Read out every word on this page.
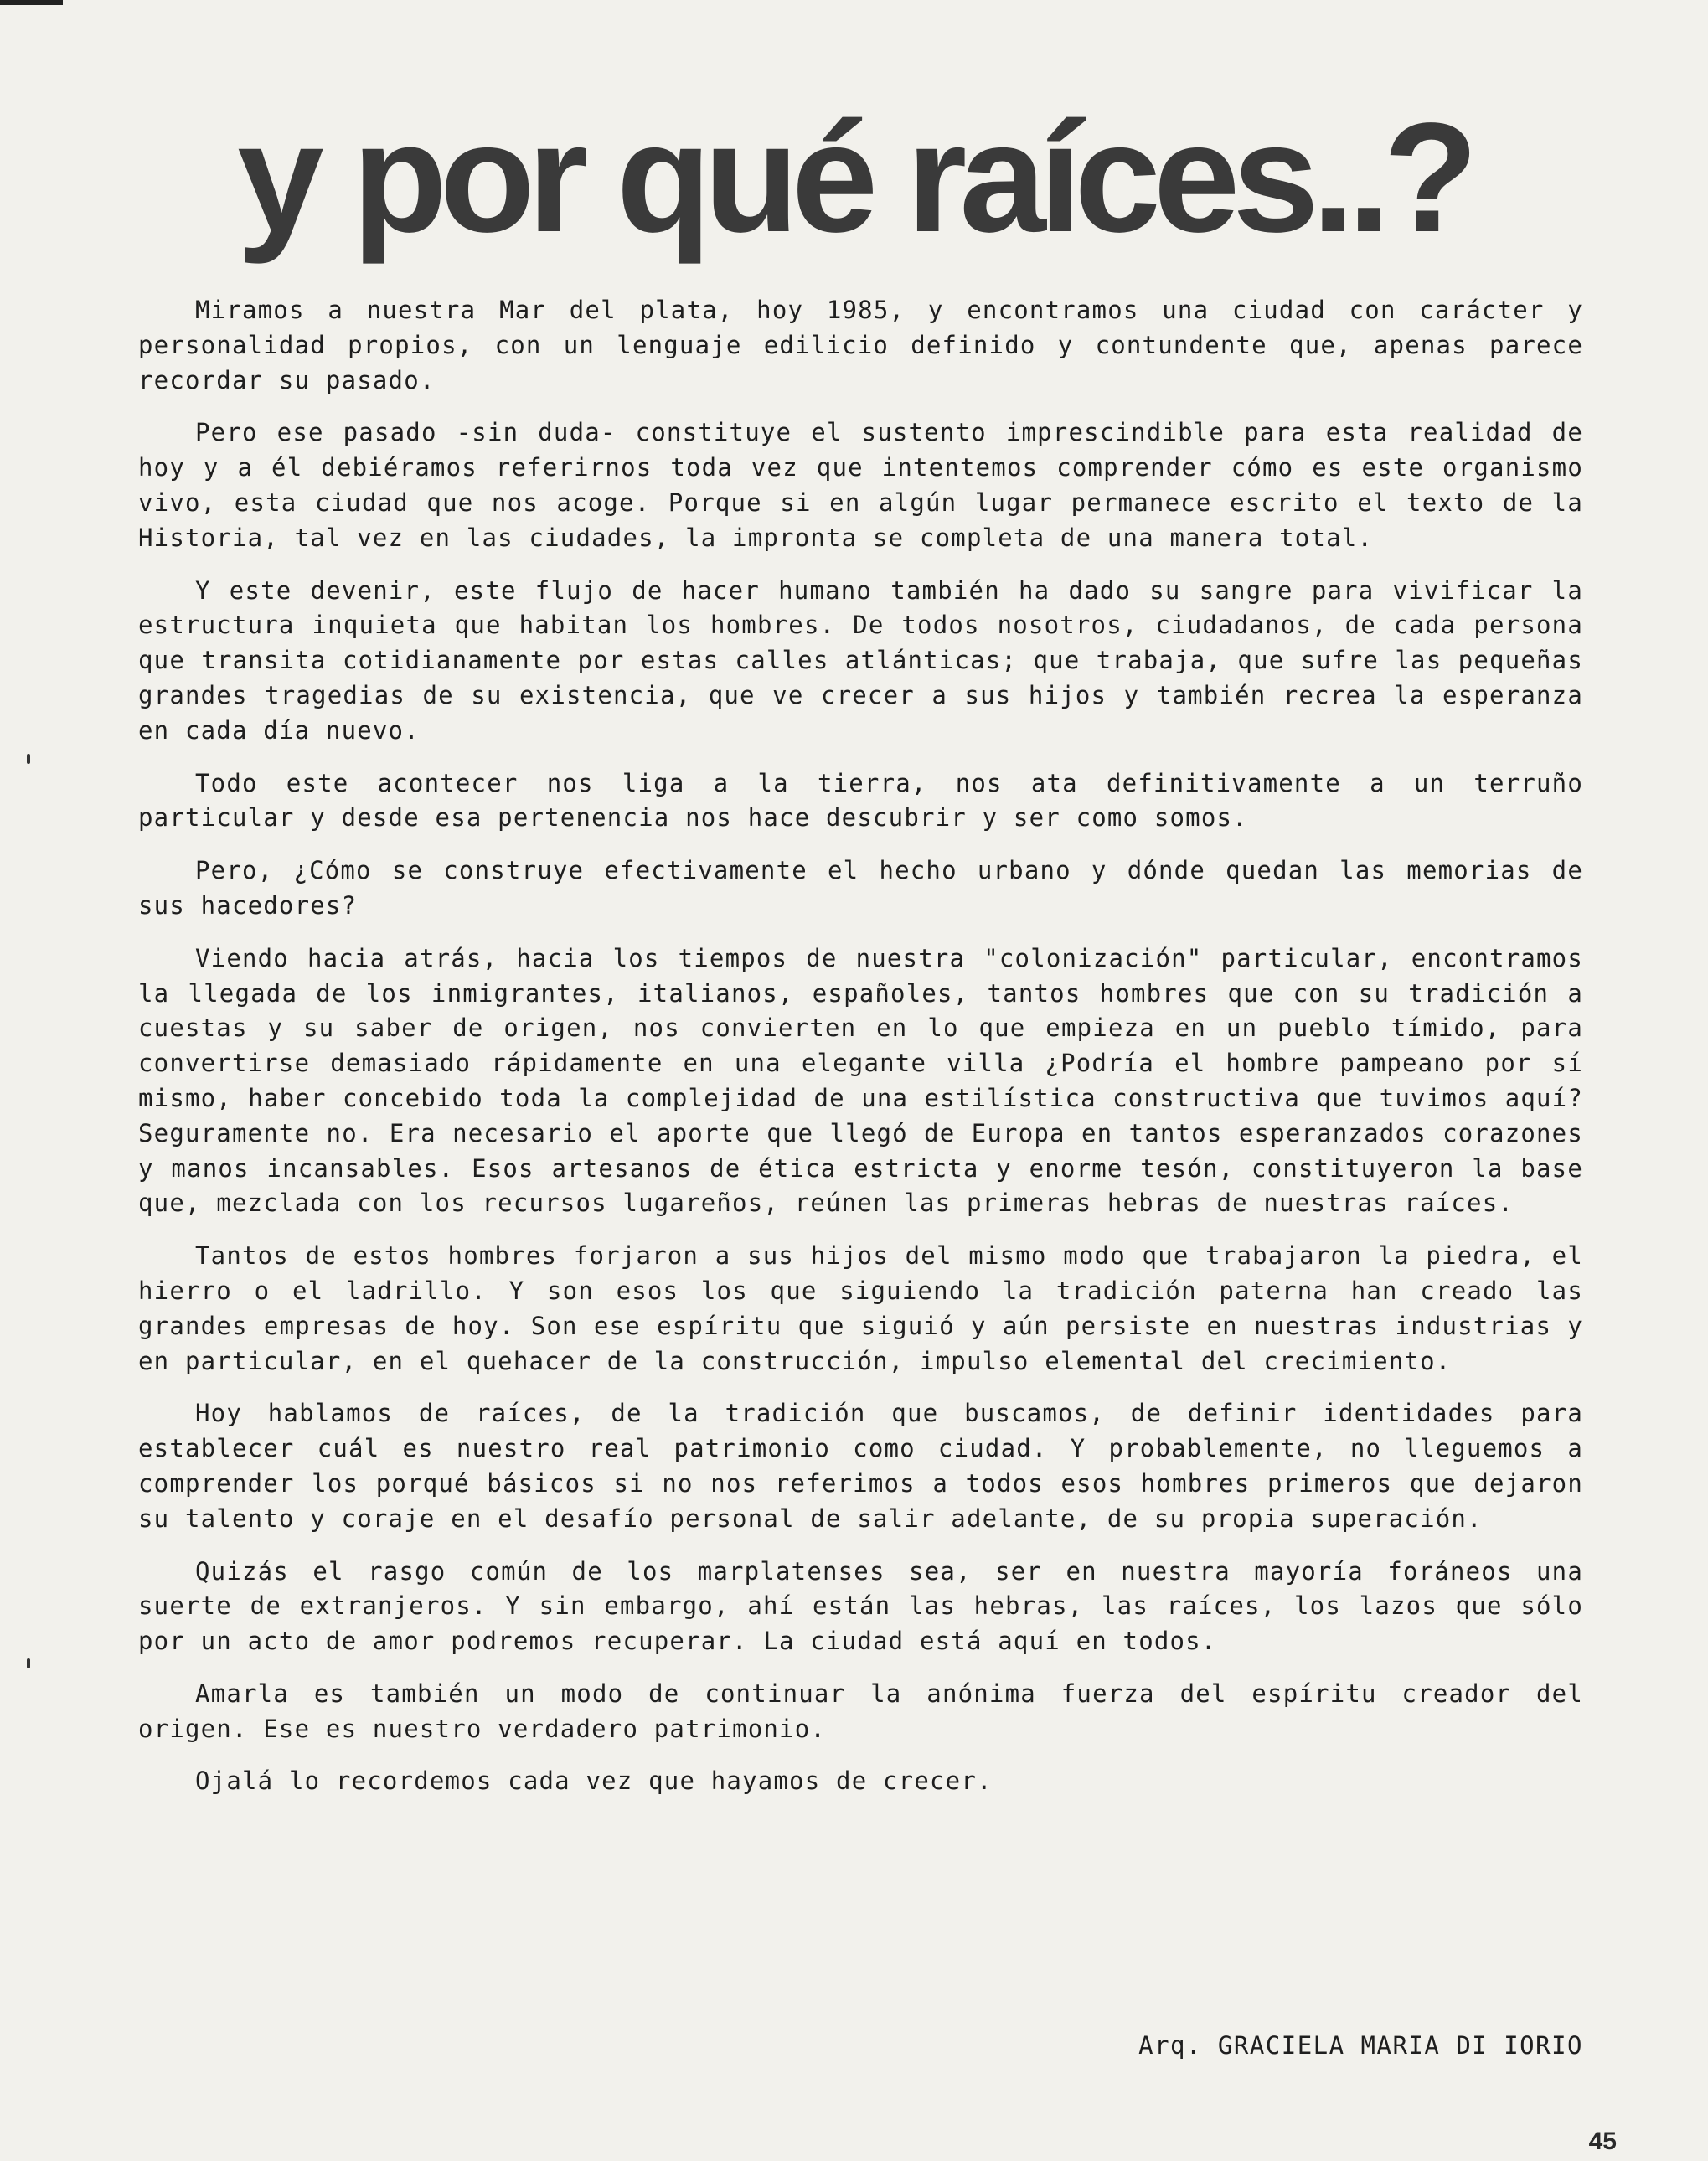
y por qué raíces..?

Miramos a nuestra Mar del plata, hoy 1985, y encontramos una ciudad con carácter y personalidad propios, con un lenguaje edilicio definido y contundente que, apenas parece recordar su pasado.

Pero ese pasado -sin duda- constituye el sustento imprescindible para esta realidad de hoy y a él debiéramos referirnos toda vez que intentemos comprender cómo es este organismo vivo, esta ciudad que nos acoge. Porque si en algún lugar permanece escrito el texto de la Historia, tal vez en las ciudades, la impronta se completa de una manera total.

Y este devenir, este flujo de hacer humano también ha dado su sangre para vivificar la estructura inquieta que habitan los hombres. De todos nosotros, ciudadanos, de cada persona que transita cotidianamente por estas calles atlánticas; que trabaja, que sufre las pequeñas grandes tragedias de su existencia, que ve crecer a sus hijos y también recrea la esperanza en cada día nuevo.

Todo este acontecer nos liga a la tierra, nos ata definitivamente a un terruño particular y desde esa pertenencia nos hace descubrir y ser como somos.

Pero, ¿Cómo se construye efectivamente el hecho urbano y dónde quedan las memorias de sus hacedores?

Viendo hacia atrás, hacia los tiempos de nuestra "colonización" particular, encontramos la llegada de los inmigrantes, italianos, españoles, tantos hombres que con su tradición a cuestas y su saber de origen, nos convierten en lo que empieza en un pueblo tímido, para convertirse demasiado rápidamente en una elegante villa ¿Podría el hombre pampeano por sí mismo, haber concebido toda la complejidad de una estilística constructiva que tuvimos aquí? Seguramente no. Era necesario el aporte que llegó de Europa en tantos esperanzados corazones y manos incansables. Esos artesanos de ética estricta y enorme tesón, constituyeron la base que, mezclada con los recursos lugareños, reúnen las primeras hebras de nuestras raíces.

Tantos de estos hombres forjaron a sus hijos del mismo modo que trabajaron la piedra, el hierro o el ladrillo. Y son esos los que siguiendo la tradición paterna han creado las grandes empresas de hoy. Son ese espíritu que siguió y aún persiste en nuestras industrias y en particular, en el quehacer de la construcción, impulso elemental del crecimiento.

Hoy hablamos de raíces, de la tradición que buscamos, de definir identidades para establecer cuál es nuestro real patrimonio como ciudad. Y probablemente, no lleguemos a comprender los porqué básicos si no nos referimos a todos esos hombres primeros que dejaron su talento y coraje en el desafío personal de salir adelante, de su propia superación.

Quizás el rasgo común de los marplatenses sea, ser en nuestra mayoría foráneos una suerte de extranjeros. Y sin embargo, ahí están las hebras, las raíces, los lazos que sólo por un acto de amor podremos recuperar. La ciudad está aquí en todos.

Amarla es también un modo de continuar la anónima fuerza del espíritu creador del origen. Ese es nuestro verdadero patrimonio.

Ojalá lo recordemos cada vez que hayamos de crecer.

Arq. GRACIELA MARIA DI IORIO

45
